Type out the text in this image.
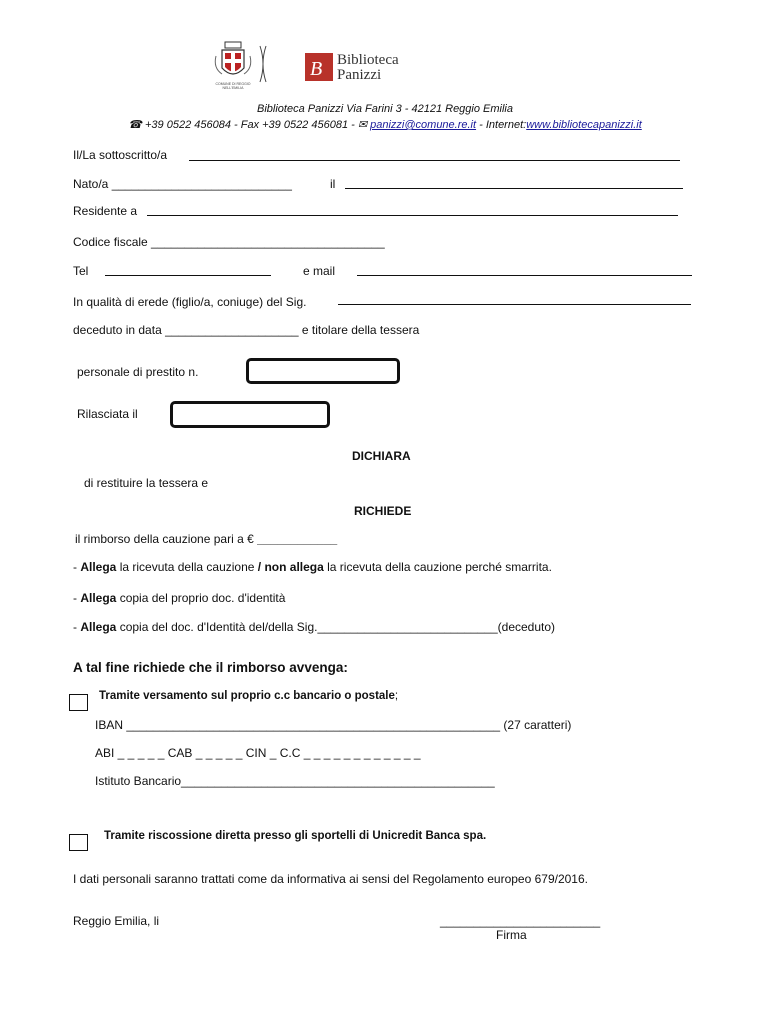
COMUNE DI REGGIO NELL'EMILIA
B Biblioteca
Panizzi
Biblioteca Panizzi Via Farini 3 - 42121 Reggio Emilia
☎ +39 0522 456084 - Fax +39 0522 456081 - ✉ panizzi@comune.re.it - Internet:www.bibliotecapanizzi.it
Il/La sottoscritto/a
Nato/a ___________________________	il
Residente a
Codice fiscale ___________________________________
Tel	e mail
In qualità di erede (figlio/a, coniuge) del Sig.
deceduto in data ____________________ e titolare della tessera
personale di prestito n.
Rilasciata il
DICHIARA
di restituire la tessera e
RICHIEDE
il rimborso della cauzione pari a € ____________
- Allega la ricevuta della cauzione / non allega la ricevuta della cauzione perché smarrita.
- Allega copia del proprio doc. d'identità
- Allega copia del doc. d'Identità del/della Sig.___________________________(deceduto)
A tal fine richiede che il rimborso avvenga:
Tramite versamento sul proprio c.c bancario o postale;
IBAN ________________________________________________________ (27 caratteri)
ABI _ _ _ _ _ CAB _ _ _ _ _ CIN _ C.C _ _ _ _ _ _ _ _ _ _ _ _
Istituto Bancario_______________________________________________
Tramite riscossione diretta presso gli sportelli di Unicredit Banca spa.
I dati personali saranno trattati come da informativa ai sensi del Regolamento europeo 679/2016.
Reggio Emilia, li	________________________
Firma
